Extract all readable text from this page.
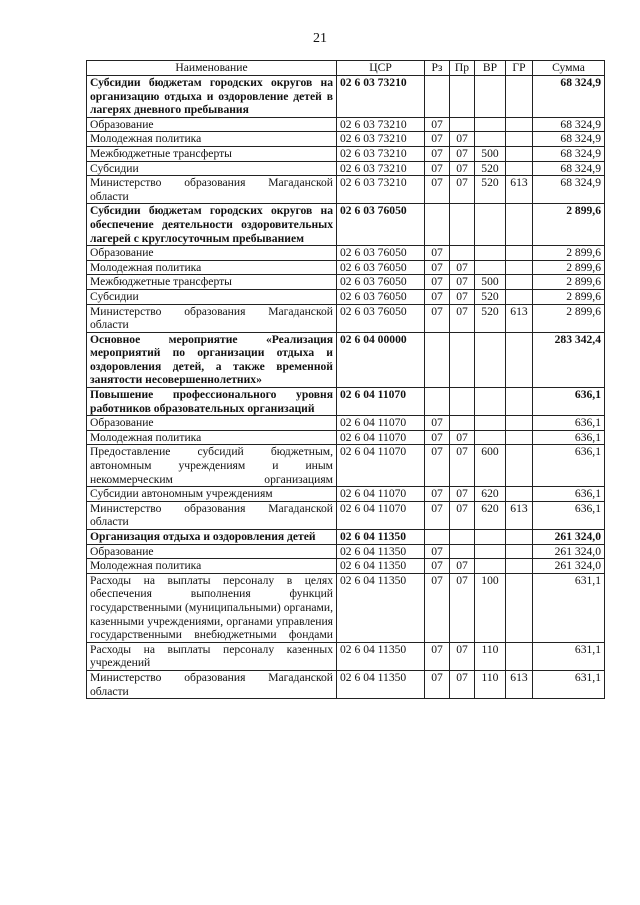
21
Наименование	ЦСР	Рз	Пр	ВР	ГР	Сумма
Субсидии бюджетам городских округов на организацию отдыха и оздоровление детей в лагерях дневного пребывания	02 6 03 73210					68 324,9
Образование	02 6 03 73210	07				68 324,9
Молодежная политика	02 6 03 73210	07	07			68 324,9
Межбюджетные трансферты	02 6 03 73210	07	07	500		68 324,9
Субсидии	02 6 03 73210	07	07	520		68 324,9
Министерство образования Магаданской области	02 6 03 73210	07	07	520	613	68 324,9
Субсидии бюджетам городских округов на обеспечение деятельности оздоровительных лагерей с круглосуточным пребыванием	02 6 03 76050					2 899,6
Образование	02 6 03 76050	07				2 899,6
Молодежная политика	02 6 03 76050	07	07			2 899,6
Межбюджетные трансферты	02 6 03 76050	07	07	500		2 899,6
Субсидии	02 6 03 76050	07	07	520		2 899,6
Министерство образования Магаданской области	02 6 03 76050	07	07	520	613	2 899,6
Основное мероприятие «Реализация мероприятий по организации отдыха и оздоровления детей, а также временной занятости несовершеннолетних»	02 6 04 00000					283 342,4
Повышение профессионального уровня работников образовательных организаций	02 6 04 11070					636,1
Образование	02 6 04 11070	07				636,1
Молодежная политика	02 6 04 11070	07	07			636,1
Предоставление субсидий бюджетным, автономным учреждениям и иным некоммерческим организациям	02 6 04 11070	07	07	600		636,1
Субсидии автономным учреждениям	02 6 04 11070	07	07	620		636,1
Министерство образования Магаданской области	02 6 04 11070	07	07	620	613	636,1
Организация отдыха и оздоровления детей	02 6 04 11350					261 324,0
Образование	02 6 04 11350	07				261 324,0
Молодежная политика	02 6 04 11350	07	07			261 324,0
Расходы на выплаты персоналу в целях обеспечения выполнения функций государственными (муниципальными) органами, казенными учреждениями, органами управления государственными внебюджетными фондами	02 6 04 11350	07	07	100		631,1
Расходы на выплаты персоналу казенных учреждений	02 6 04 11350	07	07	110		631,1
Министерство образования Магаданской области	02 6 04 11350	07	07	110	613	631,1
